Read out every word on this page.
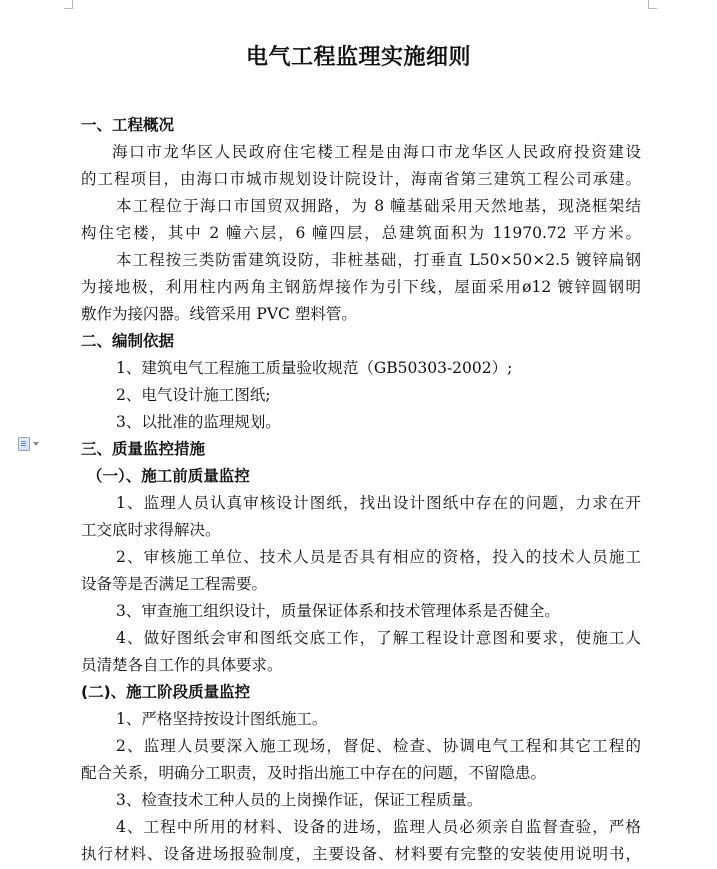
电气工程监理实施细则
一、工程概况
海口市龙华区人民政府住宅楼工程是由海口市龙华区人民政府投资建设
的工程项目，由海口市城市规划设计院设计，海南省第三建筑工程公司承建。
本工程位于海口市国贸双拥路，为 8 幢基础采用天然地基，现浇框架结
构住宅楼，其中 2 幢六层，6 幢四层，总建筑面积为 11970.72 平方米。
本工程按三类防雷建筑设防，非桩基础，打垂直 L50×50×2.5 镀锌扁钢
为接地极，利用柱内两角主钢筋焊接作为引下线，屋面采用ø12 镀锌圆钢明
敷作为接闪器。线管采用 PVC 塑料管。
二、编制依据
1、建筑电气工程施工质量验收规范（GB50303-2002）;
2、电气设计施工图纸;
3、以批准的监理规划。
三、质量监控措施
（一）、施工前质量监控
1、监理人员认真审核设计图纸，找出设计图纸中存在的问题，力求在开
工交底时求得解决。
2、审核施工单位、技术人员是否具有相应的资格，投入的技术人员施工
设备等是否满足工程需要。
3、审查施工组织设计，质量保证体系和技术管理体系是否健全。
4、做好图纸会审和图纸交底工作，了解工程设计意图和要求，使施工人
员清楚各自工作的具体要求。
(二)、施工阶段质量监控
1、严格坚持按设计图纸施工。
2、监理人员要深入施工现场，督促、检查、协调电气工程和其它工程的
配合关系，明确分工职责，及时指出施工中存在的问题，不留隐患。
3、检查技术工种人员的上岗操作证，保证工程质量。
4、工程中所用的材料、设备的进场，监理人员必须亲自监督查验，严格
执行材料、设备进场报验制度，主要设备、材料要有完整的安装使用说明书，
